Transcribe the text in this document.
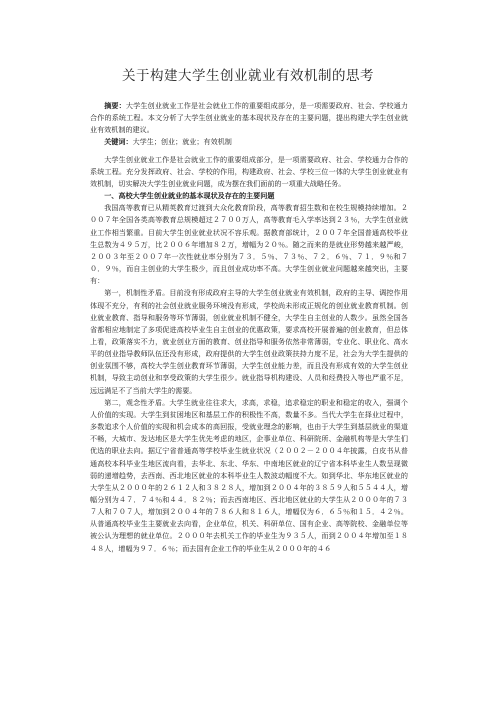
关于构建大学生创业就业有效机制的思考

摘要：大学生创业就业工作是社会就业工作的重要组成部分，是一项需要政府、社会、学校通力合作的系统工程。本文分析了大学生创业就业的基本现状及存在的主要问题，提出构建大学生创业就业有效机制的建议。

关键词：大学生；创业；就业；有效机制

大学生创业就业工作是社会就业工作的重要组成部分，是一项需要政府、社会、学校通力合作的系统工程。充分发挥政府、社会、学校的作用，构建政府、社会、学校三位一体的大学生创业就业有效机制，切实解决大学生创业就业问题，成为摆在我们面前的一项重大战略任务。

一、高校大学生创业就业的基本现状及存在的主要问题

我国高等教育已从精英教育过渡到大众化教育阶段，高等教育招生数和在校生规模持续增加。２００７年全国各类高等教育总规模超过２７００万人，高等教育毛入学率达到２３％，大学生创业就业工作相当繁重。目前大学生创业就业状况不容乐观。据教育部统计，２００７年全国普通高校毕业生总数为４９５万，比２００６年增加８２万，增幅为２０％。随之而来的是就业形势越来越严峻，２００３年至２００７年一次性就业率分别为７３．５％、７３％、７２．６％、７１．９％和７０．９％，而自主创业的大学生极少，而且创业成功率不高。大学生创业就业问题越来越突出，主要有：

第一，机制性矛盾。目前没有形成政府主导的大学生创业就业有效机制，政府的主导、调控作用体现不充分，有利的社会创业就业服务环境没有形成，学校尚未形成正规化的创业就业教育机制。创业就业教育、指导和服务等环节薄弱，创业就业机制不健全，大学生自主创业的人数少。虽然全国各省都相应地制定了多项促进高校毕业生自主创业的优惠政策，要求高校开展普遍的创业教育，但总体上看，政策落实不力，就业创业方面的教育、创业指导和服务依然非常薄弱，专业化、职业化、高水平的创业指导教师队伍还没有形成，政府提供的大学生创业政策扶持力度不足，社会为大学生提供的创业氛围不够，高校大学生创业教育环节薄弱，大学生创业能力差，而且没有形成有效的大学生创业机制，导致主动创业和享受政策的大学生很少。就业指导机构建设、人员和经费投入等也严重不足，远远满足不了当前大学生的需要。

第二，观念性矛盾。大学生就业往往求大，求高，求稳，追求稳定的职业和稳定的收入，强调个人价值的实现。大学生到贫困地区和基层工作的积极性不高，数量不多。当代大学生在择业过程中，多数追求个人价值的实现和机会成本的高回报，受就业理念的影响，也由于大学生到基层就业的渠道不畅，大城市、发达地区是大学生优先考虑的地区，企事业单位、科研院所、金融机构等是大学生们优选的职业去向。据辽宁省普通高等学校毕业生就业状况（２００２－２００４年披露，白皮书从普通高校本科毕业生地区流向看，去华北、东北、华东、中南地区就业的辽宁省本科毕业生人数呈现微弱的递增趋势，去西南、西北地区就业的本科毕业生人数波动幅度不大。如到华北、华东地区就业的大学生从２０００年的２６１２人和３８２８人，增加到２００４年的３８５９人和５５４４人，增幅分别为４７．７４％和４４．８２％；而去西南地区、西北地区就业的大学生从２０００年的７３７人和７０７人，增加到２００４年的７８６人和８１６人，增幅仅为６．６５％和１５．４２％。从普通高校毕业生主要就业去向看，企业单位，机关、科研单位、国有企业、高等院校、金融单位等被公认为理想的就业单位。２０００年去机关工作的毕业生为９３５人，而到２００４年增加至１８４８人，增幅为９７．６％；而去国有企业工作的毕业生从２０００年的４６
